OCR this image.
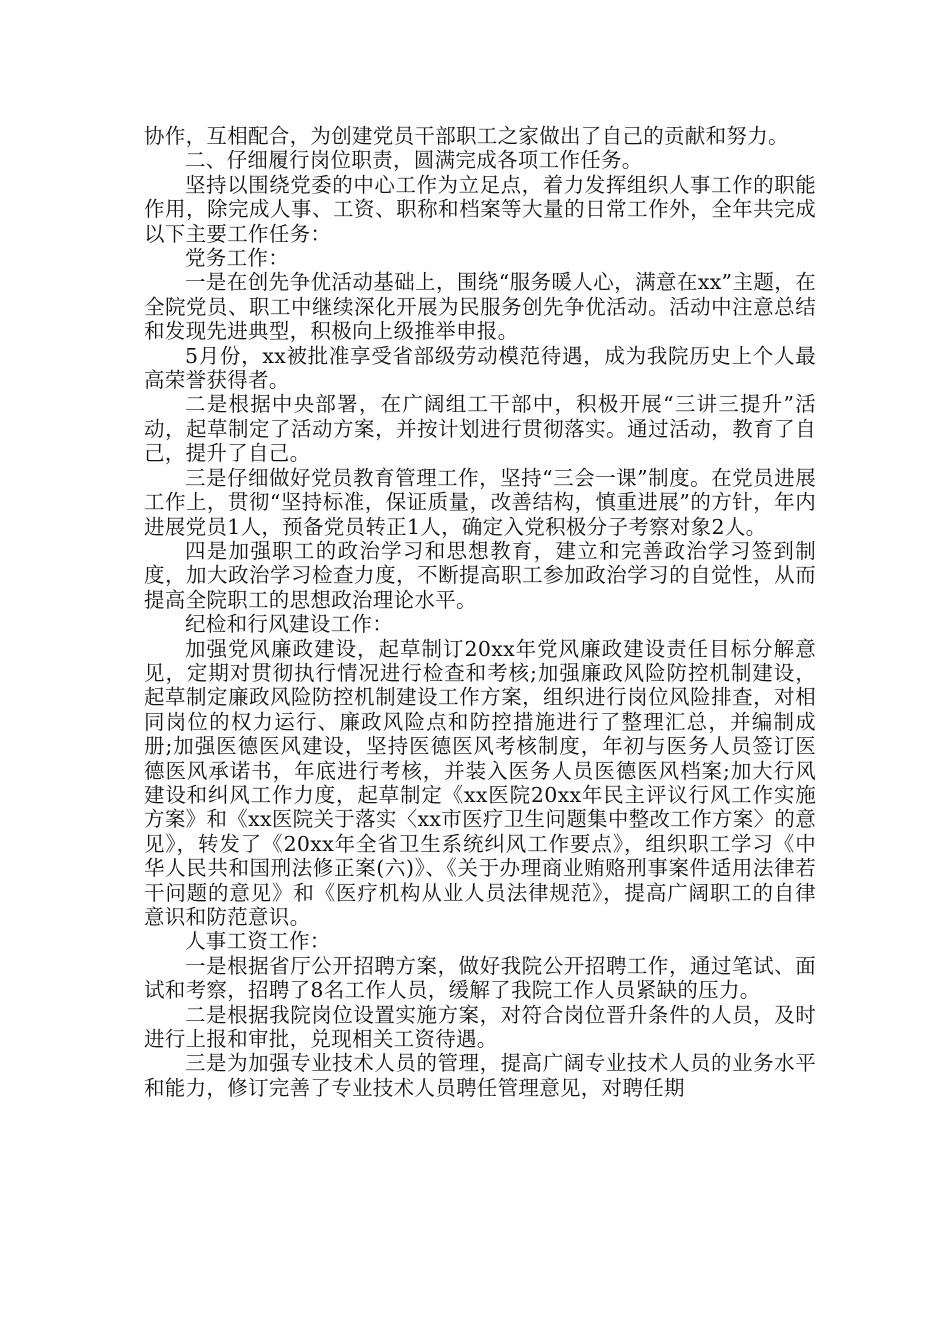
协作，互相配合，为创建党员干部职工之家做出了自己的贡献和努力。

二、仔细履行岗位职责，圆满完成各项工作任务。

坚持以围绕党委的中心工作为立足点，着力发挥组织人事工作的职能作用，除完成人事、工资、职称和档案等大量的日常工作外，全年共完成以下主要工作任务：

党务工作：

一是在创先争优活动基础上，围绕“服务暖人心，满意在xx”主题，在全院党员、职工中继续深化开展为民服务创先争优活动。活动中注意总结和发现先进典型，积极向上级推举申报。

5月份，xx被批准享受省部级劳动模范待遇，成为我院历史上个人最高荣誉获得者。

二是根据中央部署，在广阔组工干部中，积极开展“三讲三提升”活动，起草制定了活动方案，并按计划进行贯彻落实。通过活动，教育了自己，提升了自己。

三是仔细做好党员教育管理工作，坚持“三会一课”制度。在党员进展工作上，贯彻“坚持标准，保证质量，改善结构，慎重进展”的方针，年内进展党员1人，预备党员转正1人，确定入党积极分子考察对象2人。

四是加强职工的政治学习和思想教育，建立和完善政治学习签到制度，加大政治学习检查力度，不断提高职工参加政治学习的自觉性，从而提高全院职工的思想政治理论水平。

纪检和行风建设工作：

加强党风廉政建设，起草制订20xx年党风廉政建设责任目标分解意见，定期对贯彻执行情况进行检查和考核;加强廉政风险防控机制建设，起草制定廉政风险防控机制建设工作方案，组织进行岗位风险排查，对相同岗位的权力运行、廉政风险点和防控措施进行了整理汇总，并编制成册;加强医德医风建设，坚持医德医风考核制度，年初与医务人员签订医德医风承诺书，年底进行考核，并装入医务人员医德医风档案;加大行风建设和纠风工作力度，起草制定《xx医院20xx年民主评议行风工作实施方案》和《xx医院关于落实〈xx市医疗卫生问题集中整改工作方案〉的意见》，转发了《20xx年全省卫生系统纠风工作要点》，组织职工学习《中华人民共和国刑法修正案(六)》、《关于办理商业贿赂刑事案件适用法律若干问题的意见》和《医疗机构从业人员法律规范》，提高广阔职工的自律意识和防范意识。

人事工资工作：

一是根据省厅公开招聘方案，做好我院公开招聘工作，通过笔试、面试和考察，招聘了8名工作人员，缓解了我院工作人员紧缺的压力。

二是根据我院岗位设置实施方案，对符合岗位晋升条件的人员，及时进行上报和审批，兑现相关工资待遇。

三是为加强专业技术人员的管理，提高广阔专业技术人员的业务水平和能力，修订完善了专业技术人员聘任管理意见，对聘任期
